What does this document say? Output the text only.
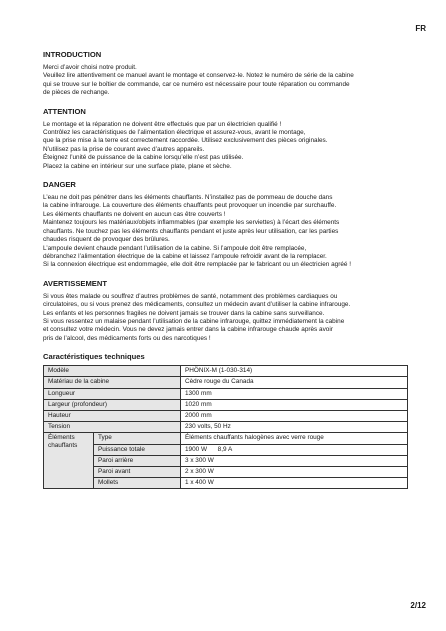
FR
INTRODUCTION

Merci d’avoir choisi notre produit.
Veuillez lire attentivement ce manuel avant le montage et conservez-le. Notez le numéro de série de la cabine
qui se trouve sur le boîtier de commande, car ce numéro est nécessaire pour toute réparation ou commande
de pièces de rechange.

ATTENTION

Le montage et la réparation ne doivent être effectués que par un électricien qualifié !
Contrôlez les caractéristiques de l’alimentation électrique et assurez-vous, avant le montage,
que la prise mise à la terre est correctement raccordée. Utilisez exclusivement des pièces originales.
N’utilisez pas la prise de courant avec d’autres appareils.
Éteignez l’unité de puissance de la cabine lorsqu’elle n’est pas utilisée.
Placez la cabine en intérieur sur une surface plate, plane et sèche.

DANGER

L’eau ne doit pas pénétrer dans les éléments chauffants. N’installez pas de pommeau de douche dans
la cabine infrarouge. La couverture des éléments chauffants peut provoquer un incendie par surchauffe.
Les éléments chauffants ne doivent en aucun cas être couverts !
Maintenez toujours les matériaux/objets inflammables (par exemple les serviettes) à l’écart des éléments
chauffants. Ne touchez pas les éléments chauffants pendant et juste après leur utilisation, car les parties
chaudes risquent de provoquer des brûlures.
L’ampoule devient chaude pendant l’utilisation de la cabine. Si l’ampoule doit être remplacée,
débranchez l’alimentation électrique de la cabine et laissez l’ampoule refroidir avant de la remplacer.
Si la connexion électrique est endommagée, elle doit être remplacée par le fabricant ou un électricien agréé !

AVERTISSEMENT

Si vous êtes malade ou souffrez d’autres problèmes de santé, notamment des problèmes cardiaques ou
circulatoires, ou si vous prenez des médicaments, consultez un médecin avant d’utiliser la cabine infrarouge.
Les enfants et les personnes fragiles ne doivent jamais se trouver dans la cabine sans surveillance.
Si vous ressentez un malaise pendant l’utilisation de la cabine infrarouge, quittez immédiatement la cabine
et consultez votre médecin. Vous ne devez jamais entrer dans la cabine infrarouge chaude après avoir
pris de l’alcool, des médicaments forts ou des narcotiques !

Caractéristiques techniques
Modèle		PHÖNIX-M (1-030-314)
Matériau de la cabine		Cèdre rouge du Canada
Longueur		1300 mm
Largeur (profondeur)		1020 mm
Hauteur		2000 mm
Tension		230 volts, 50 Hz
Éléments
chauffants	Type	Éléments chauffants halogènes avec verre rouge
	Puissance totale	1900 W      8,9 A
	Paroi arrière	3 x 300 W
	Paroi avant	2 x 300 W
	Mollets	1 x 400 W
2/12
